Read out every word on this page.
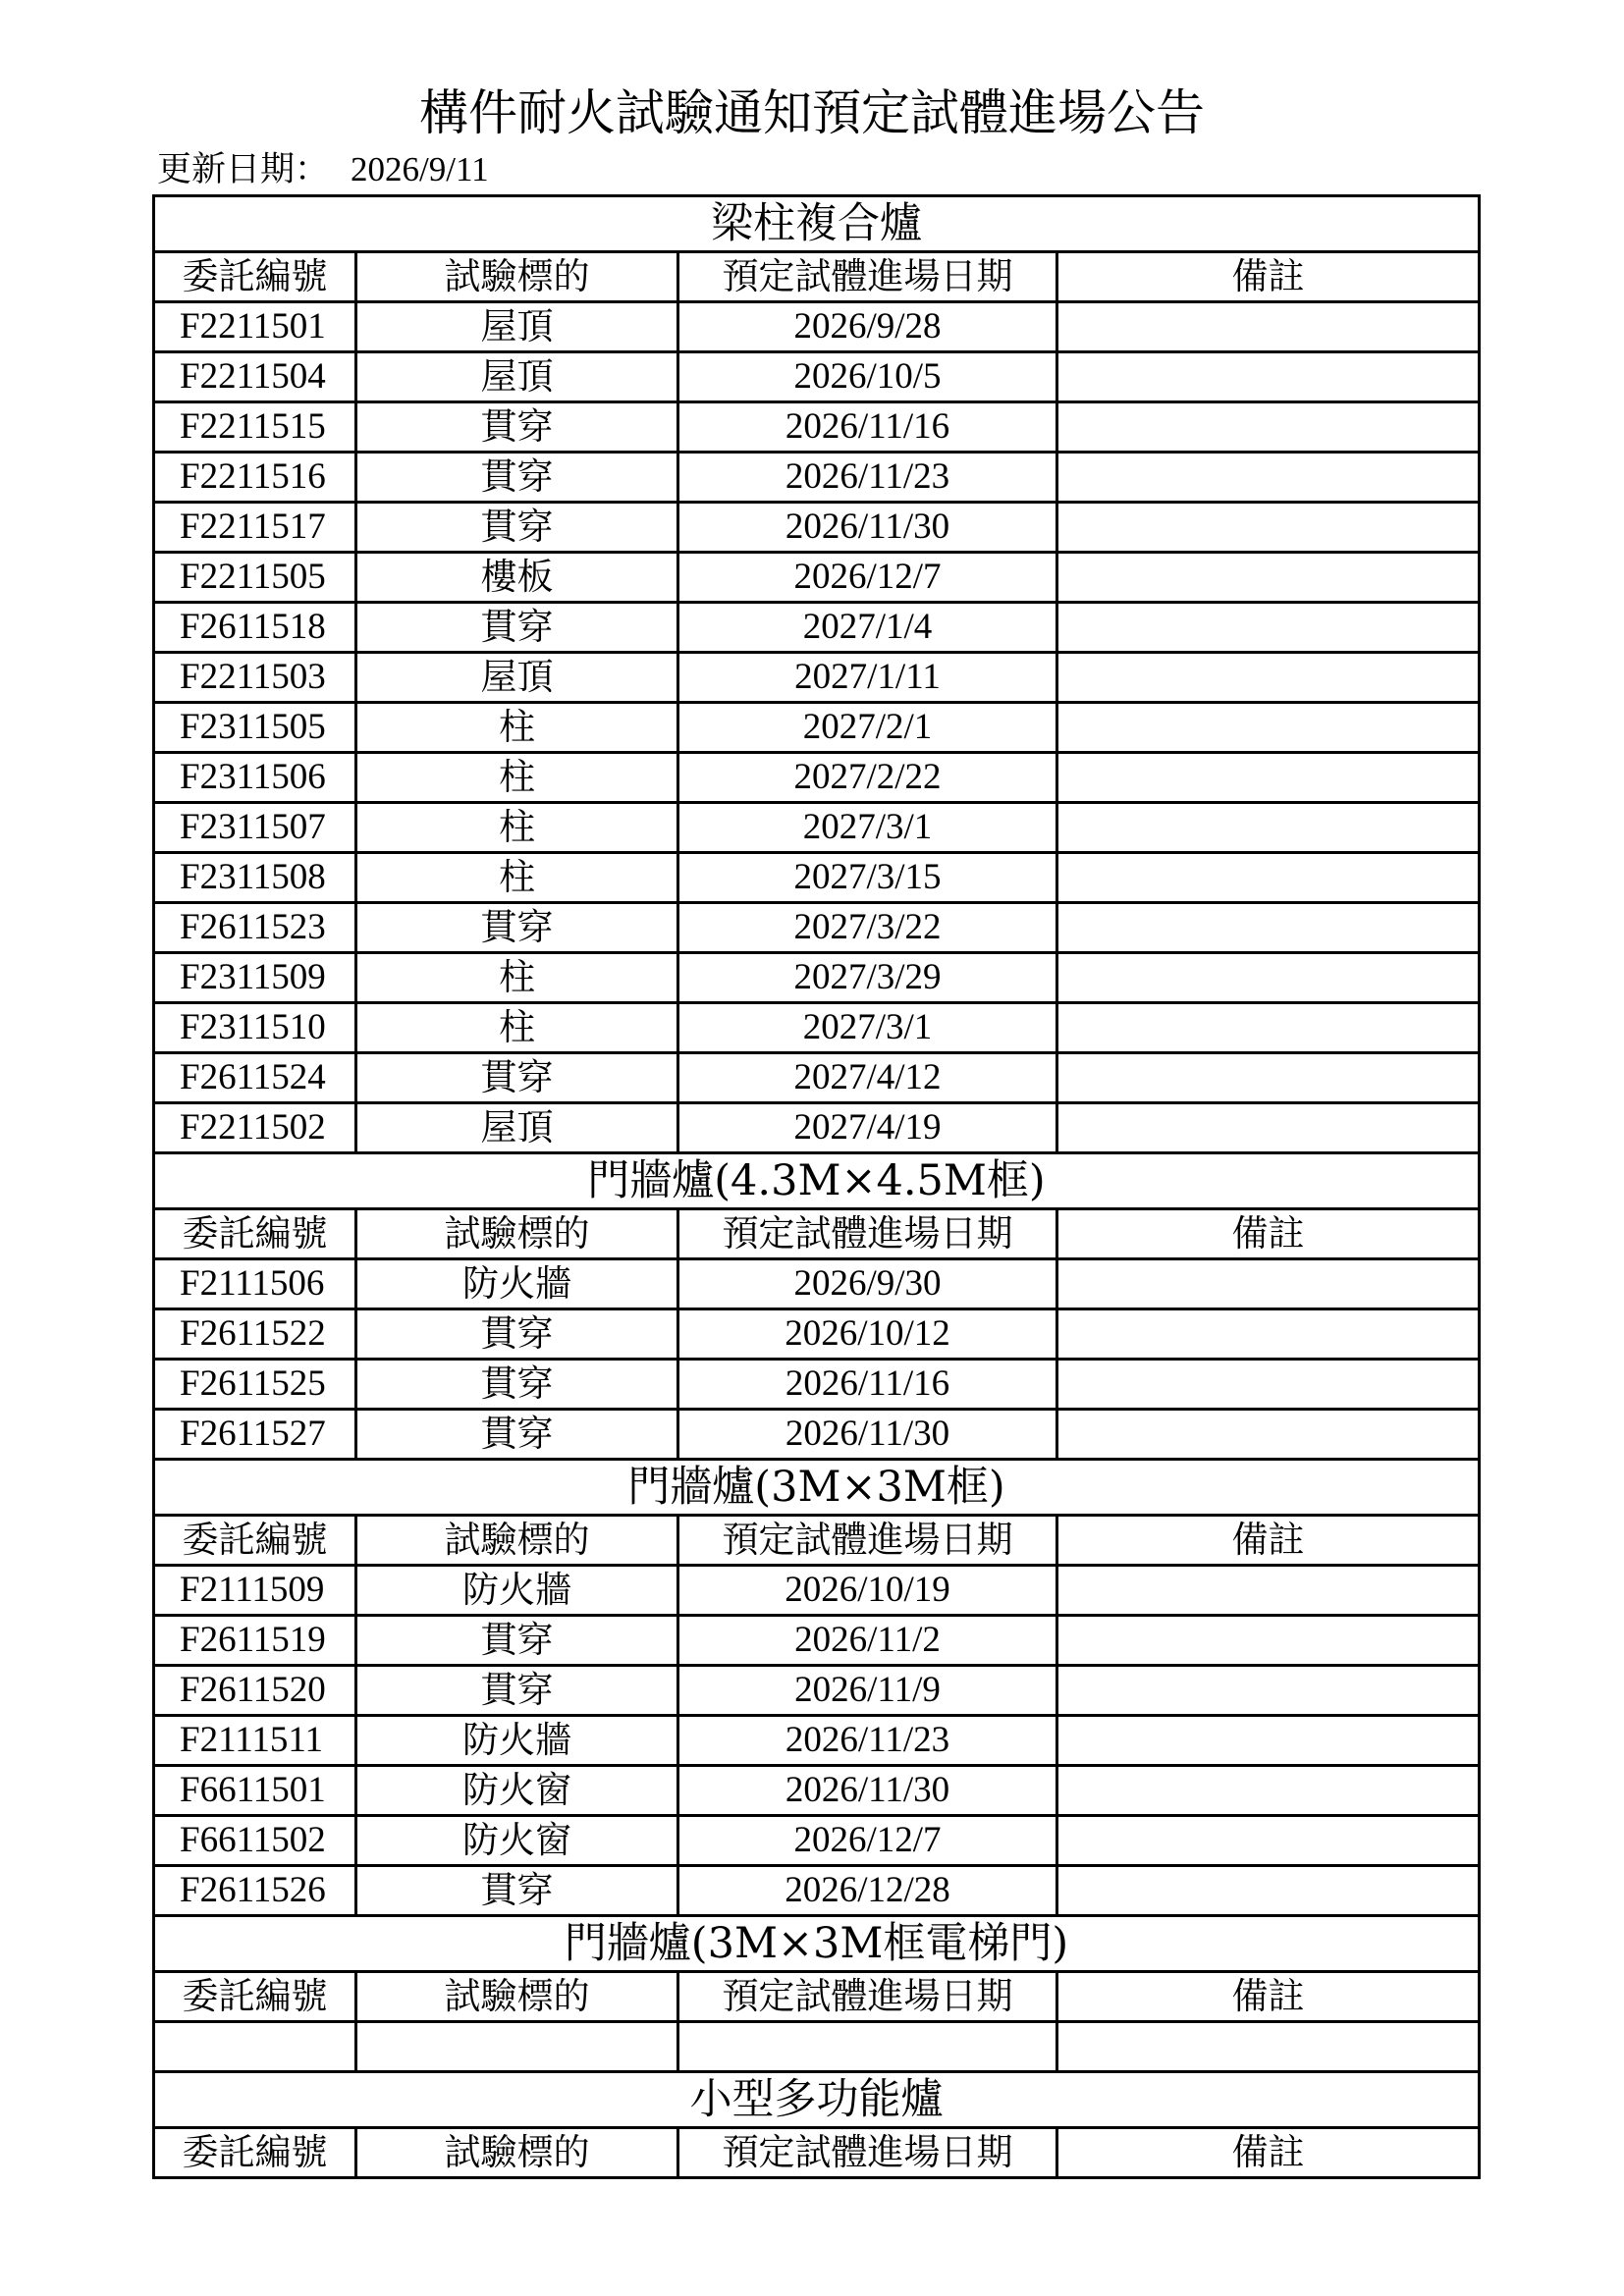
構件耐火試驗通知預定試體進場公告
更新日期： 2026/9/11
梁柱複合爐			
委託編號	試驗標的	預定試體進場日期	備註
F2211501	屋頂	2026/9/28	
F2211504	屋頂	2026/10/5	
F2211515	貫穿	2026/11/16	
F2211516	貫穿	2026/11/23	
F2211517	貫穿	2026/11/30	
F2211505	樓板	2026/12/7	
F2611518	貫穿	2027/1/4	
F2211503	屋頂	2027/1/11	
F2311505	柱	2027/2/1	
F2311506	柱	2027/2/22	
F2311507	柱	2027/3/1	
F2311508	柱	2027/3/15	
F2611523	貫穿	2027/3/22	
F2311509	柱	2027/3/29	
F2311510	柱	2027/3/1	
F2611524	貫穿	2027/4/12	
F2211502	屋頂	2027/4/19	
門牆爐(4.3M×4.5M框)			
委託編號	試驗標的	預定試體進場日期	備註
F2111506	防火牆	2026/9/30	
F2611522	貫穿	2026/10/12	
F2611525	貫穿	2026/11/16	
F2611527	貫穿	2026/11/30	
門牆爐(3M×3M框)			
委託編號	試驗標的	預定試體進場日期	備註
F2111509	防火牆	2026/10/19	
F2611519	貫穿	2026/11/2	
F2611520	貫穿	2026/11/9	
F2111511	防火牆	2026/11/23	
F6611501	防火窗	2026/11/30	
F6611502	防火窗	2026/12/7	
F2611526	貫穿	2026/12/28	
門牆爐(3M×3M框電梯門)			
委託編號	試驗標的	預定試體進場日期	備註

小型多功能爐			
委託編號	試驗標的	預定試體進場日期	備註
